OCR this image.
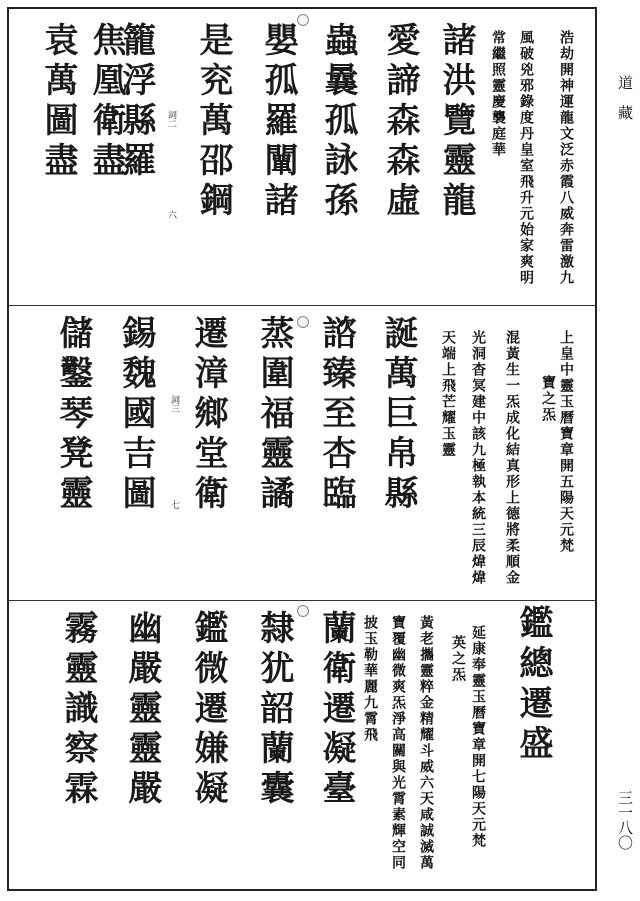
道　藏
三一八〇
浩劫開神運龍文泛赤霞八威奔雷激九
風破兇邪錄度丹皇室飛升元始家爽明
常繼照靈慶襲庭華
諸洪覽靈龍
愛諦森森虛
蟲曩孤詠孫
嬰孤羅闡諸
是兖萬邵鋼
籠浮縣羅
焦凰衛盡
袁萬圖盡	詞二
六
上皇中靈玉曆寶章開五陽天元梵
寶之炁
混黃生一炁成化結真形上德將柔順金
光洞杳冥建中該九極執本統三辰煒煒
天端上飛芒耀玉靈
誕萬巨帛縣
諮臻至杏臨
蒸圍福靈譎
遷漳鄉堂衛
錫魏國吉圖
儲鑿琴凳靈	詞三
七
鑑總遷盛
延康奉靈玉曆寶章開七陽天元梵
英之炁
黃老攜靈粹金精耀斗威六天咸誠滅萬
寶覆幽微爽炁淨高關與光霄素輝空同
披玉勒華麗九霄飛
蘭衛遷凝臺
隸犹韶蘭囊
鑑微遷嫌凝
幽嚴靈靈嚴
霧靈識察霖
